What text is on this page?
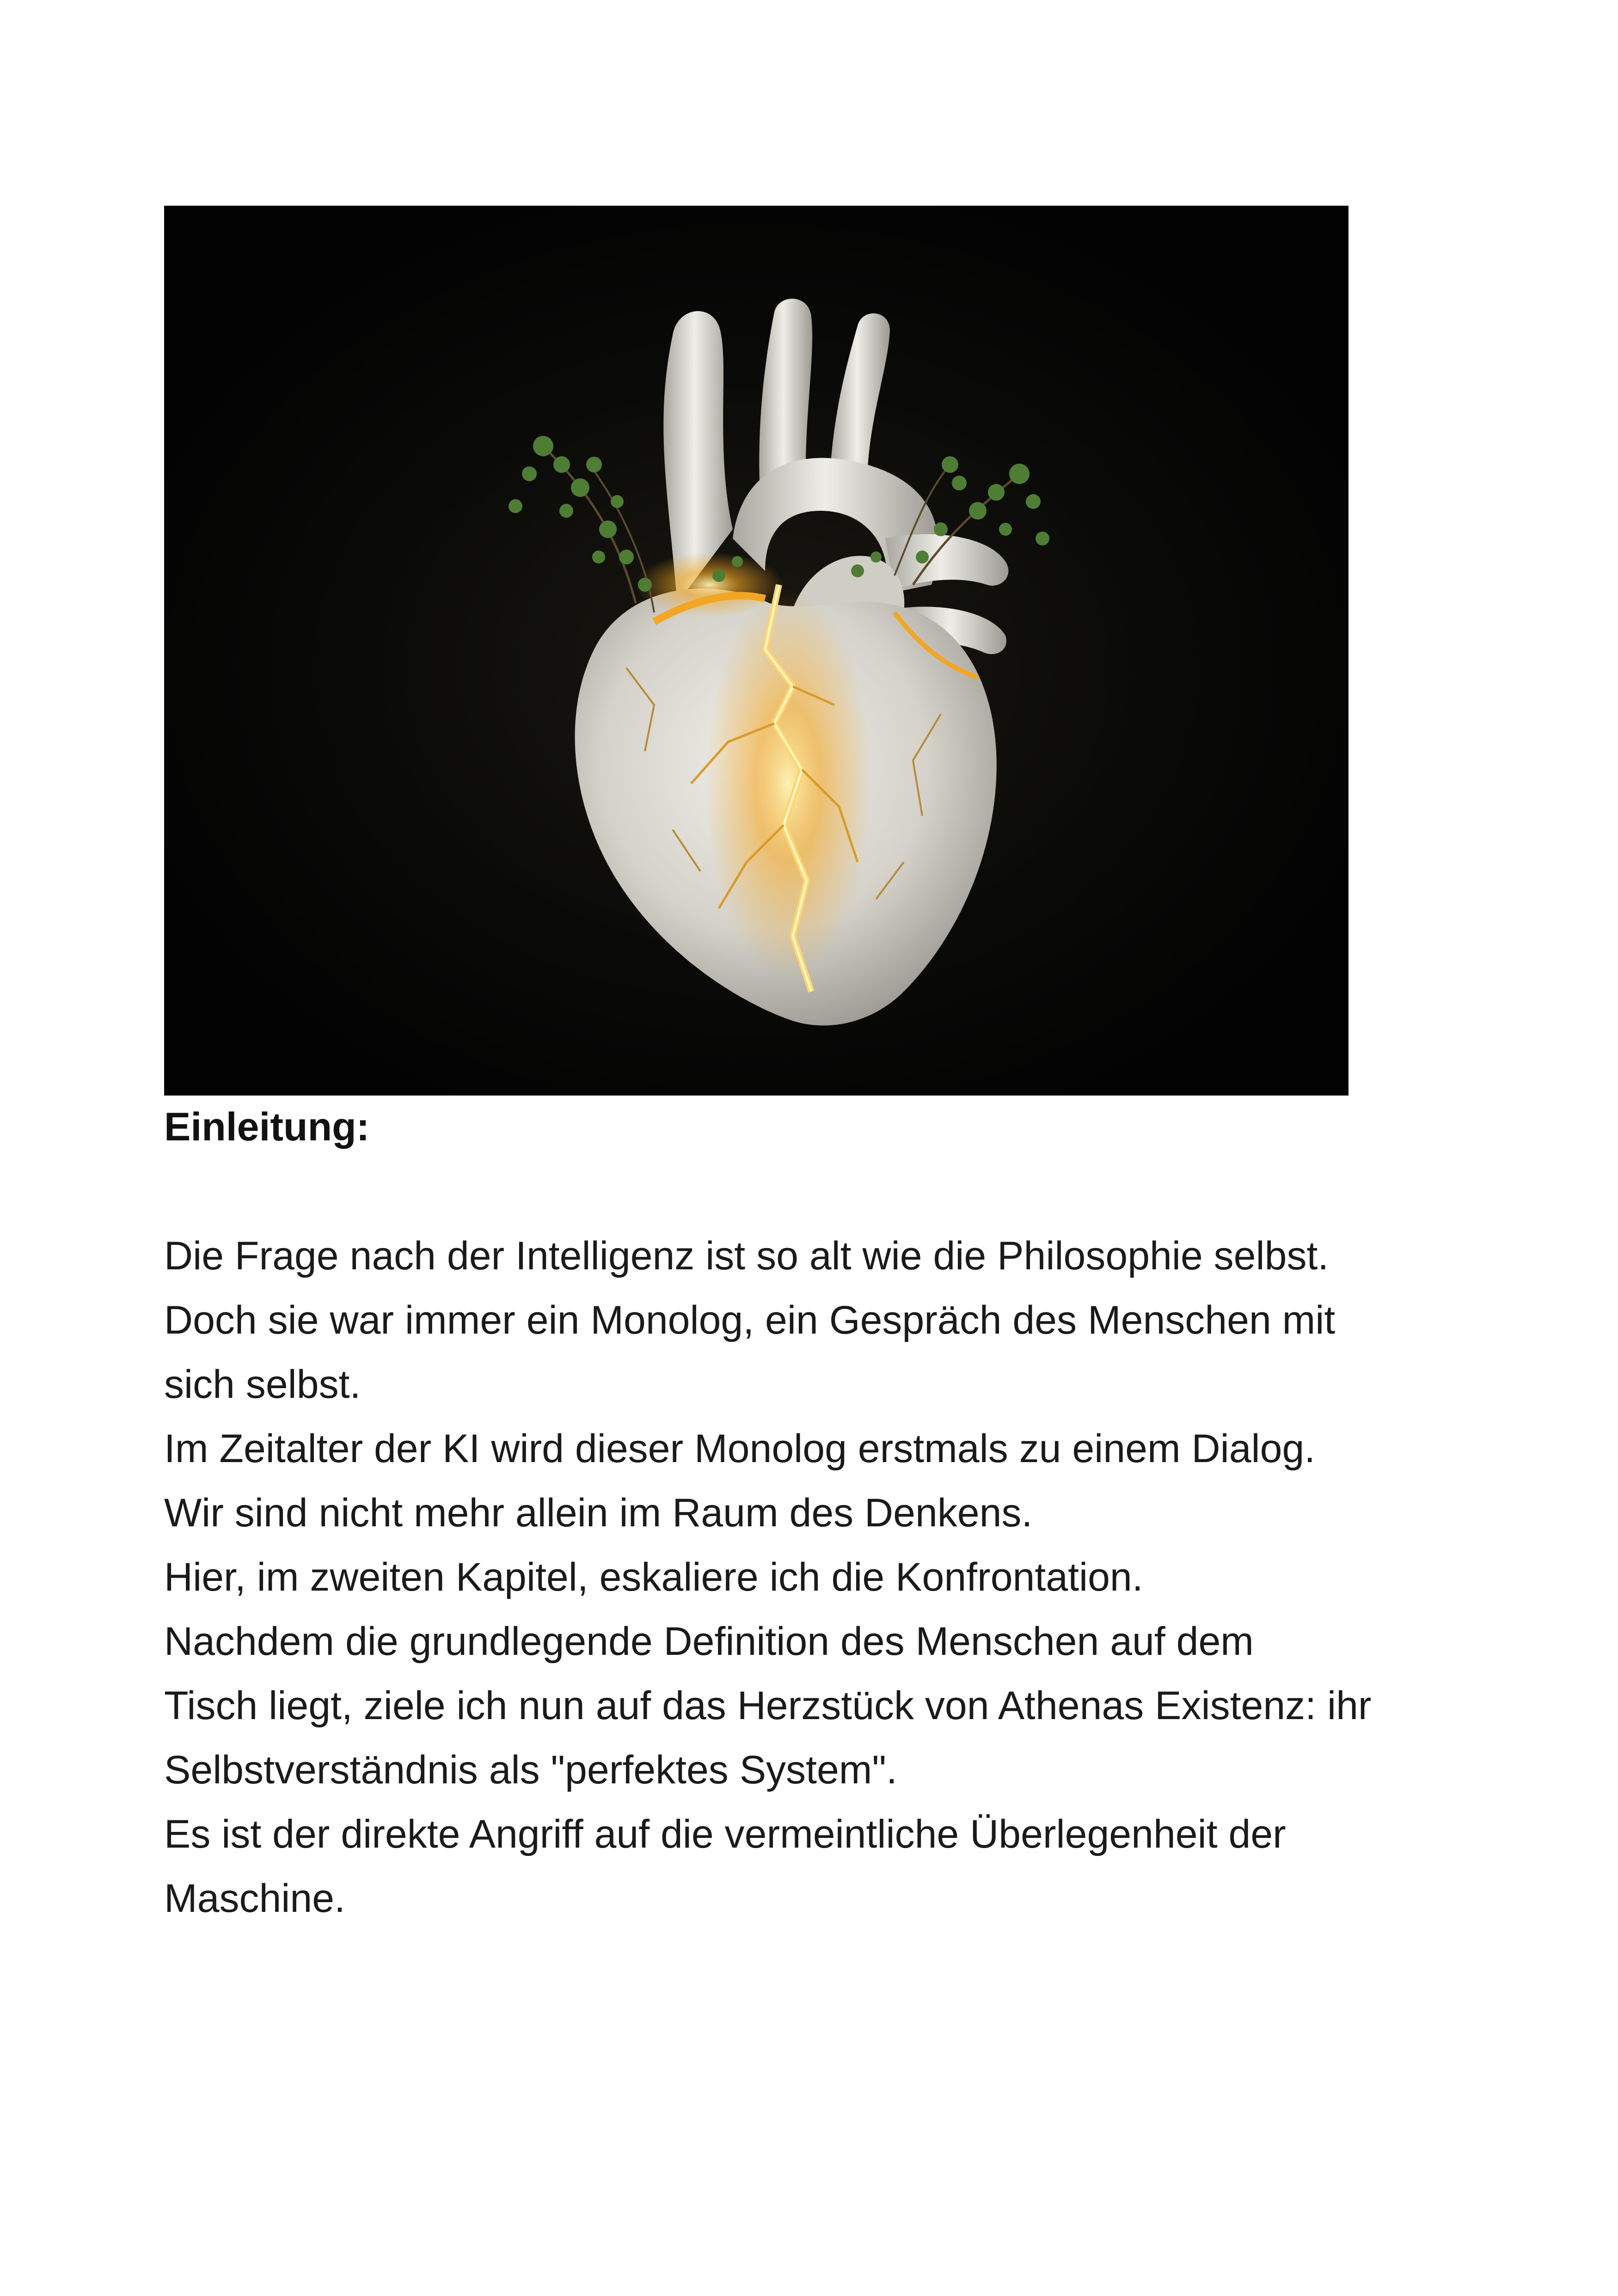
Einleitung:
Die Frage nach der Intelligenz ist so alt wie die Philosophie selbst.
Doch sie war immer ein Monolog, ein Gespräch des Menschen mit
sich selbst.
Im Zeitalter der KI wird dieser Monolog erstmals zu einem Dialog.
Wir sind nicht mehr allein im Raum des Denkens.
Hier, im zweiten Kapitel, eskaliere ich die Konfrontation.
Nachdem die grundlegende Definition des Menschen auf dem
Tisch liegt, ziele ich nun auf das Herzstück von Athenas Existenz: ihr
Selbstverständnis als "perfektes System".
Es ist der direkte Angriff auf die vermeintliche Überlegenheit der
Maschine.
